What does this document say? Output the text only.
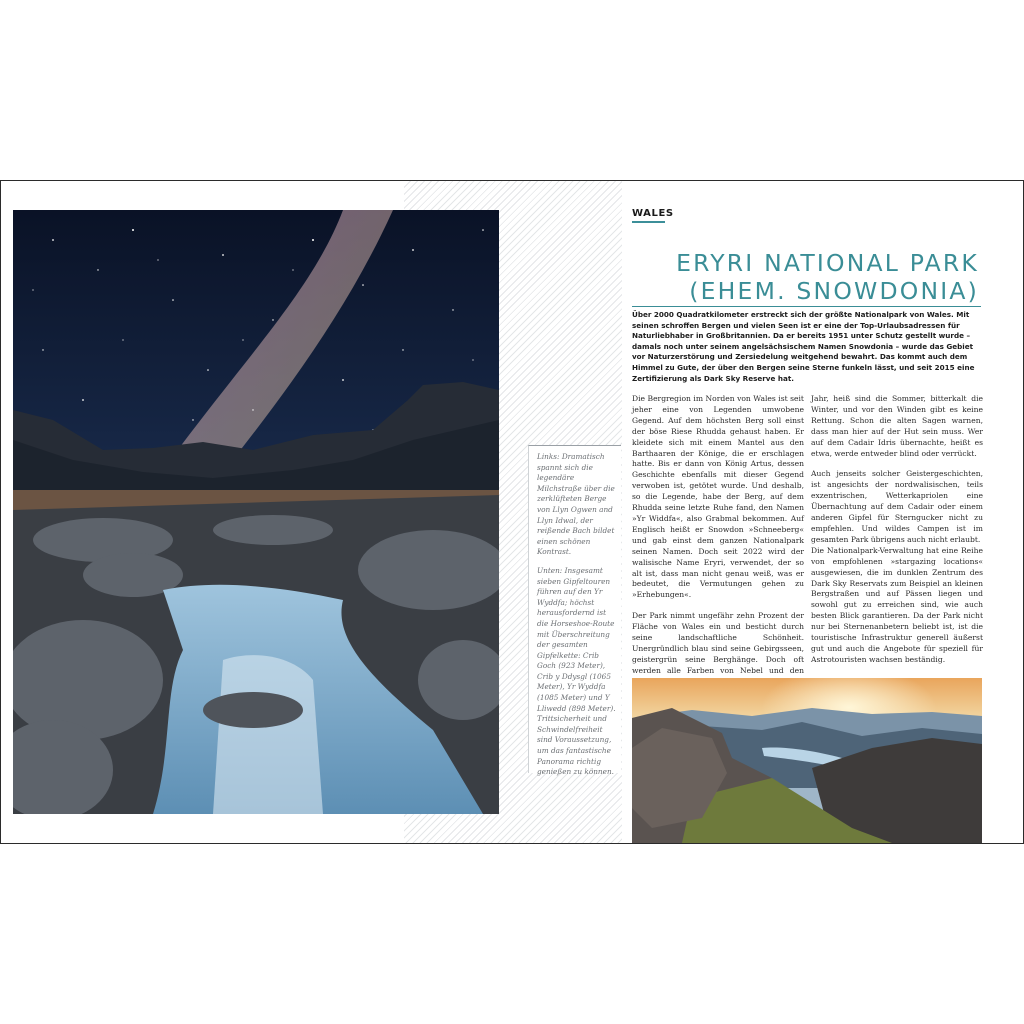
Links: Dramatisch spannt sich die legendäre Milchstraße über die zerklüfteten Berge von Llyn Ogwen and Llyn Idwal, der reißende Bach bildet einen schönen Kontrast.

Unten: Insgesamt sieben Gipfeltouren führen auf den Yr Wyddfa; höchst herausfordernd ist die Horseshoe-Route mit Überschreitung der gesamten Gipfelkette: Crib Goch (923 Meter), Crib y Ddysgl (1065 Meter), Yr Wyddfa (1085 Meter) und Y Lliwedd (898 Meter). Trittsicherheit und Schwindelfreiheit sind Voraussetzung, um das fantastische Panorama richtig genießen zu können.

WALES
ERYRI NATIONAL PARK
(EHEM. SNOWDONIA)
Über 2000 Quadratkilometer erstreckt sich der größte Nationalpark von Wales. Mit seinen schroffen Bergen und vielen Seen ist er eine der Top-Urlaubsadressen für Naturliebhaber in Großbritannien. Da er bereits 1951 unter Schutz gestellt wurde – damals noch unter seinem angelsächsischem Namen Snowdonia – wurde das Gebiet vor Naturzerstörung und Zersiedelung weitgehend bewahrt. Das kommt auch dem Himmel zu Gute, der über den Bergen seine Sterne funkeln lässt, und seit 2015 eine Zertifizierung als Dark Sky Reserve hat.

Die Bergregion im Norden von Wales ist seit jeher eine von Legenden umwobene Gegend. Auf dem höchsten Berg soll einst der böse Riese Rhudda gehaust haben. Er kleidete sich mit einem Mantel aus den Barthaaren der Könige, die er erschlagen hatte. Bis er dann von König Artus, dessen Geschichte ebenfalls mit dieser Gegend verwoben ist, getötet wurde. Und deshalb, so die Legende, habe der Berg, auf dem Rhudda seine letzte Ruhe fand, den Namen »Yr Widdfa«, also Grabmal bekommen. Auf Englisch heißt er Snowdon »Schneeberg« und gab einst dem ganzen Nationalpark seinen Namen. Doch seit 2022 wird der walisische Name Eryri, verwendet, der so alt ist, dass man nicht genau weiß, was er bedeutet, die Vermutungen gehen zu »Erhebungen«.

Der Park nimmt ungefähr zehn Prozent der Fläche von Wales ein und besticht durch seine landschaftliche Schönheit. Unergründlich blau sind seine Gebirgsseen, geistergrün seine Berghänge. Doch oft werden alle Farben von Nebel und den

Jahr, heiß sind die Sommer, bitterkalt die Winter, und vor den Winden gibt es keine Rettung. Schon die alten Sagen warnen, dass man hier auf der Hut sein muss. Wer auf dem Cadair Idris übernachte, heißt es etwa, werde entweder blind oder verrückt.

Auch jenseits solcher Geistergeschichten, ist angesichts der nordwalisischen, teils exzentrischen, Wetterkapriolen eine Übernachtung auf dem Cadair oder einem anderen Gipfel für Sterngucker nicht zu empfehlen. Und wildes Campen ist im gesamten Park übrigens auch nicht erlaubt.

Die Nationalpark-Verwaltung hat eine Reihe von empfohlenen »stargazing locations« ausgewiesen, die im dunklen Zentrum des Dark Sky Reservats zum Beispiel an kleinen Bergstraßen und auf Pässen liegen und sowohl gut zu erreichen sind, wie auch besten Blick garantieren. Da der Park nicht nur bei Sternenanbetern beliebt ist, ist die touristische Infrastruktur generell äußerst gut und auch die Angebote für speziell für Astrotouristen wachsen beständig.
